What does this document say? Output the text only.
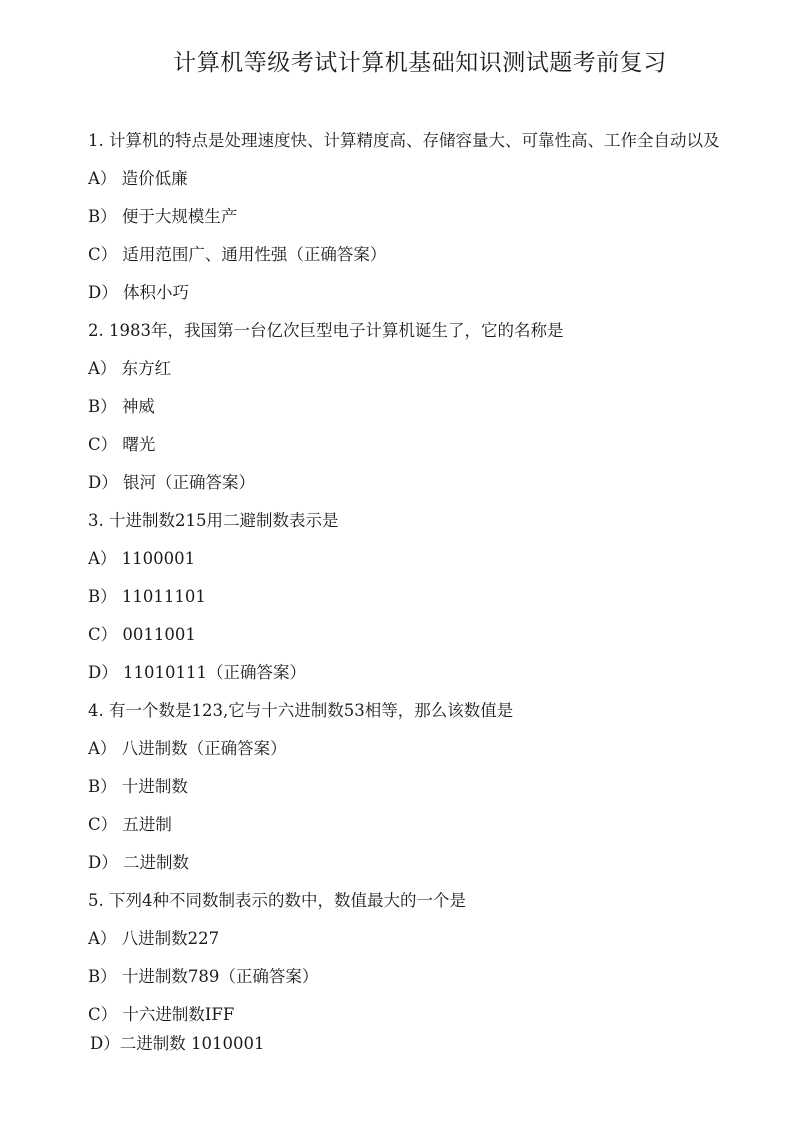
计算机等级考试计算机基础知识测试题考前复习

1. 计算机的特点是处理速度快、计算精度高、存储容量大、可靠性高、工作全自动以及

A） 造价低廉

B） 便于大规模生产

C） 适用范围广、通用性强（正确答案）

D） 体积小巧

2. 1983年，我国第一台亿次巨型电子计算机诞生了，它的名称是

A） 东方红

B） 神威

C） 曙光

D） 银河（正确答案）

3. 十进制数215用二避制数表示是

A） 1100001

B） 11011101

C） 0011001

D） 11010111（正确答案）

4. 有一个数是123,它与十六进制数53相等，那么该数值是

A） 八进制数（正确答案）

B） 十进制数

C） 五进制

D） 二进制数

5. 下列4种不同数制表示的数中，数值最大的一个是

A） 八进制数227

B） 十进制数789（正确答案）

C） 十六进制数IFF

D）二进制数 1010001
